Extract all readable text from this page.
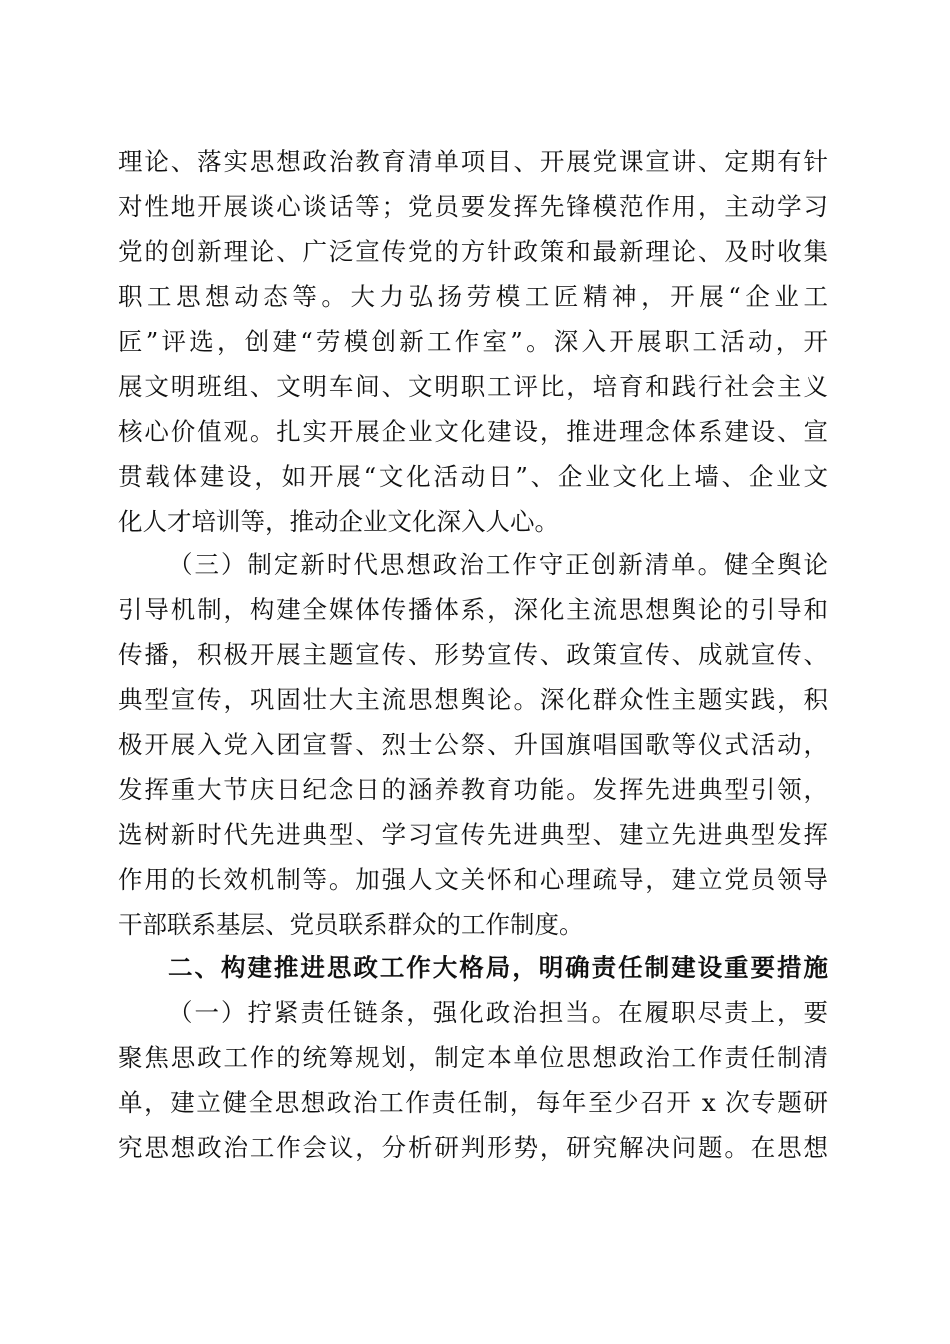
理论、落实思想政治教育清单项目、开展党课宣讲、定期有针
对性地开展谈心谈话等；党员要发挥先锋模范作用，主动学习
党的创新理论、广泛宣传党的方针政策和最新理论、及时收集
职工思想动态等。大力弘扬劳模工匠精神，开展“企业工
匠”评选，创建“劳模创新工作室”。深入开展职工活动，开
展文明班组、文明车间、文明职工评比，培育和践行社会主义
核心价值观。扎实开展企业文化建设，推进理念体系建设、宣
贯载体建设，如开展“文化活动日”、企业文化上墙、企业文
化人才培训等，推动企业文化深入人心。
（三）制定新时代思想政治工作守正创新清单。健全舆论
引导机制，构建全媒体传播体系，深化主流思想舆论的引导和
传播，积极开展主题宣传、形势宣传、政策宣传、成就宣传、
典型宣传，巩固壮大主流思想舆论。深化群众性主题实践，积
极开展入党入团宣誓、烈士公祭、升国旗唱国歌等仪式活动，
发挥重大节庆日纪念日的涵养教育功能。发挥先进典型引领，
选树新时代先进典型、学习宣传先进典型、建立先进典型发挥
作用的长效机制等。加强人文关怀和心理疏导，建立党员领导
干部联系基层、党员联系群众的工作制度。
二、构建推进思政工作大格局，明确责任制建设重要措施
（一）拧紧责任链条，强化政治担当。在履职尽责上，要
聚焦思政工作的统筹规划，制定本单位思想政治工作责任制清
单，建立健全思想政治工作责任制，每年至少召开 x 次专题研
究思想政治工作会议，分析研判形势，研究解决问题。在思想
